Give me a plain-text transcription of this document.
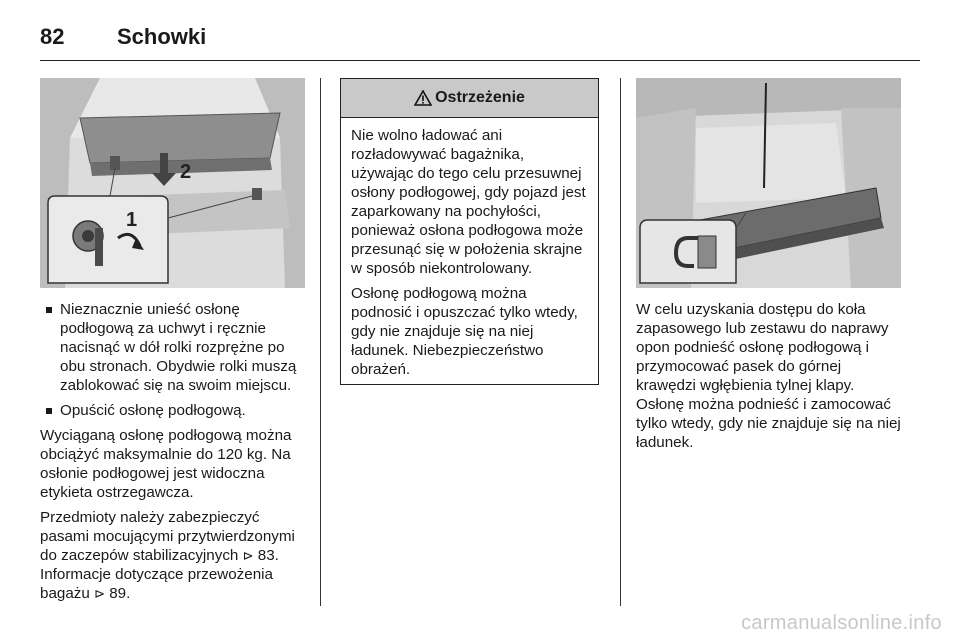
82 Schowki
2
1
Nieznacznie unieść osłonę podłogową za uchwyt i ręcznie nacisnąć w dół rolki rozprężne po obu stronach. Obydwie rolki muszą zablokować się na swoim miejscu.
Opuścić osłonę podłogową.

Wyciąganą osłonę podłogową można obciążyć maksymalnie do 120 kg. Na osłonie podłogowej jest widoczna etykieta ostrzegawcza.

Przedmioty należy zabezpieczyć pasami mocującymi przytwierdzonymi do zaczepów stabilizacyjnych ⊳ 83. Informacje dotyczące przewożenia bagażu ⊳ 89.

Ostrzeżenie

Nie wolno ładować ani rozładowywać bagażnika, używając do tego celu przesuwnej osłony podłogowej, gdy pojazd jest zaparkowany na pochyłości, ponieważ osłona podłogowa może przesunąć się w położenia skrajne w sposób niekontrolowany.

Osłonę podłogową można podnosić i opuszczać tylko wtedy, gdy nie znajduje się na niej ładunek. Niebezpieczeństwo obrażeń.

W celu uzyskania dostępu do koła zapasowego lub zestawu do naprawy opon podnieść osłonę podłogową i przymocować pasek do górnej krawędzi wgłębienia tylnej klapy. Osłonę można podnieść i zamocować tylko wtedy, gdy nie znajduje się na niej ładunek.

carmanualsonline.info
